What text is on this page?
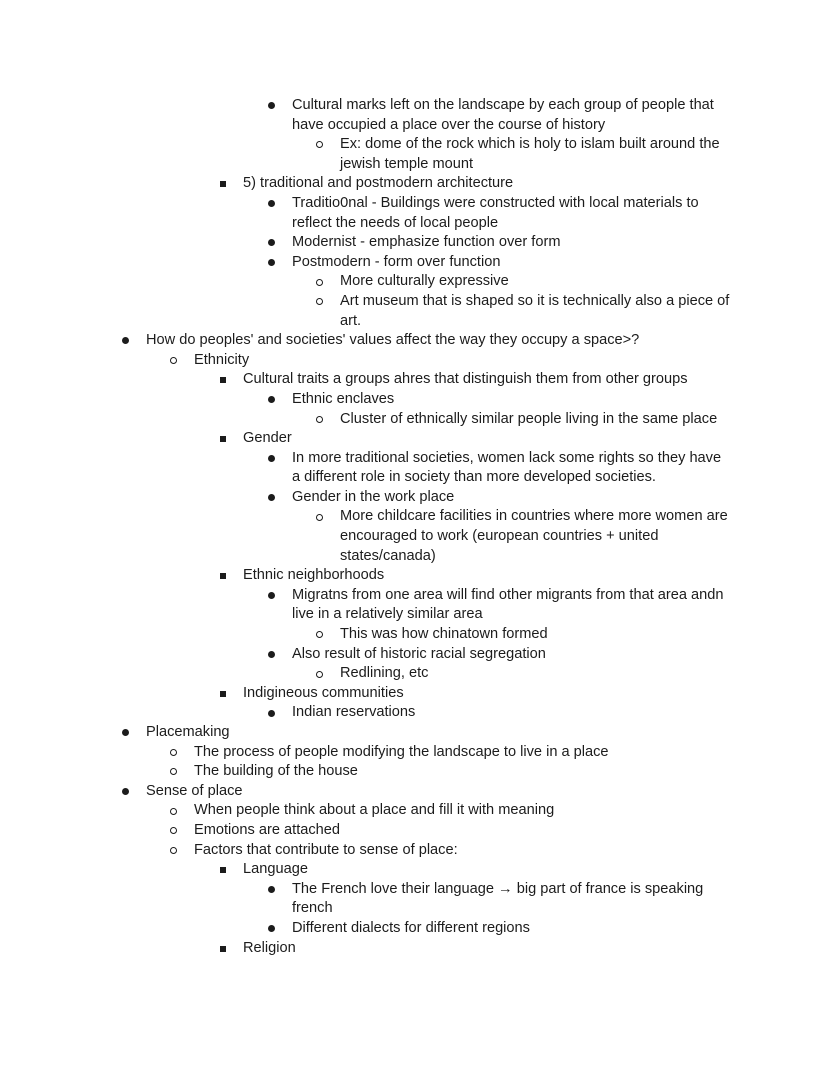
Cultural marks left on the landscape by each group of people that have occupied a place over the course of history
Ex: dome of the rock which is holy to islam built around the jewish temple mount
5) traditional and postmodern architecture
Traditio0nal - Buildings were constructed with local materials to reflect the needs of local people
Modernist - emphasize function over form
Postmodern - form over function
More culturally expressive
Art museum that is shaped so it is technically also a piece of art.
How do peoples' and societies' values affect the way they occupy a space>?
Ethnicity
Cultural traits a groups ahres that distinguish them from other groups
Ethnic enclaves
Cluster of ethnically similar people living in the same place
Gender
In more traditional societies, women lack some rights so they have a different role in society than more developed societies.
Gender in the work place
More childcare facilities in countries where more women are encouraged to work (european countries + united states/canada)
Ethnic neighborhoods
Migratns from one area will find other migrants from that area andn live in a relatively similar area
This was how chinatown formed
Also result of historic racial segregation
Redlining, etc
Indigineous communities
Indian reservations
Placemaking
The process of people modifying the landscape to live in a place
The building of the house
Sense of place
When people think about a place and fill it with meaning
Emotions are attached
Factors that contribute to sense of place:
Language
The French love their language → big part of france is speaking french
Different dialects for different regions
Religion
